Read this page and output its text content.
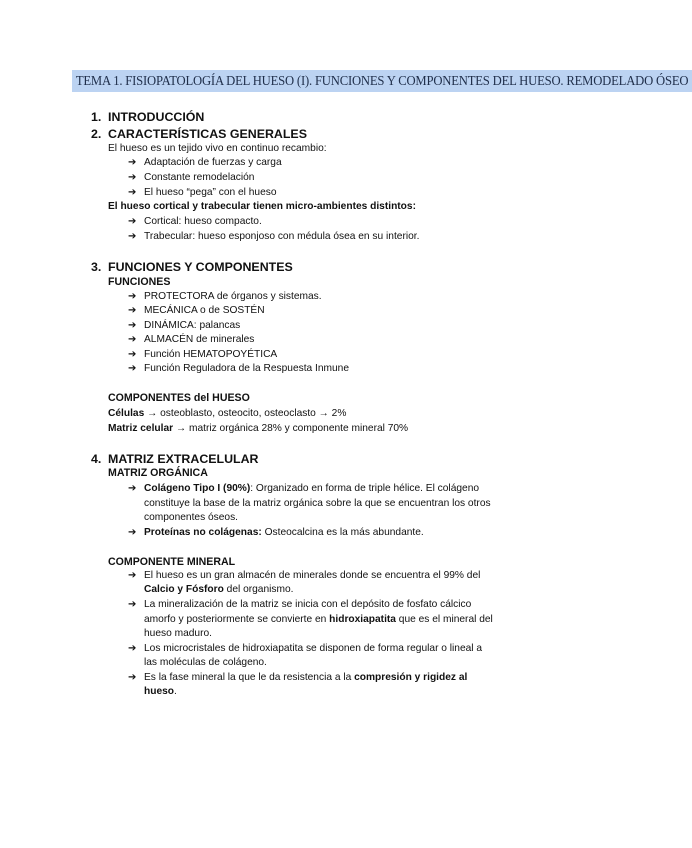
TEMA 1. FISIOPATOLOGÍA DEL HUESO (I). FUNCIONES Y COMPONENTES DEL HUESO. REMODELADO ÓSEO
1. INTRODUCCIÓN
2. CARACTERÍSTICAS GENERALES
El hueso es un tejido vivo en continuo recambio:
➔ Adaptación de fuerzas y carga
➔ Constante remodelación
➔ El hueso “pega” con el hueso
El hueso cortical y trabecular tienen micro-ambientes distintos:
➔ Cortical: hueso compacto.
➔ Trabecular: hueso esponjoso con médula ósea en su interior.
3. FUNCIONES Y COMPONENTES
FUNCIONES
➔ PROTECTORA de órganos y sistemas.
➔ MECÁNICA o de SOSTÉN
➔ DINÁMICA: palancas
➔ ALMACÉN de minerales
➔ Función HEMATOPOYÉTICA
➔ Función Reguladora de la Respuesta Inmune
COMPONENTES del HUESO
Células → osteoblasto, osteocito, osteoclasto → 2%
Matriz celular → matriz orgánica 28% y componente mineral 70%
4. MATRIZ EXTRACELULAR
MATRIZ ORGÁNICA
➔ Colágeno Tipo I (90%): Organizado en forma de triple hélice. El colágeno
constituye la base de la matriz orgánica sobre la que se encuentran los otros
componentes óseos.
➔ Proteínas no colágenas: Osteocalcina es la más abundante.
COMPONENTE MINERAL
➔ El hueso es un gran almacén de minerales donde se encuentra el 99% del
Calcio y Fósforo del organismo.
➔ La mineralización de la matriz se inicia con el depósito de fosfato cálcico
amorfo y posteriormente se convierte en hidroxiapatita que es el mineral del
hueso maduro.
➔ Los microcristales de hidroxiapatita se disponen de forma regular o lineal a
las moléculas de colágeno.
➔ Es la fase mineral la que le da resistencia a la compresión y rigidez al
hueso.
